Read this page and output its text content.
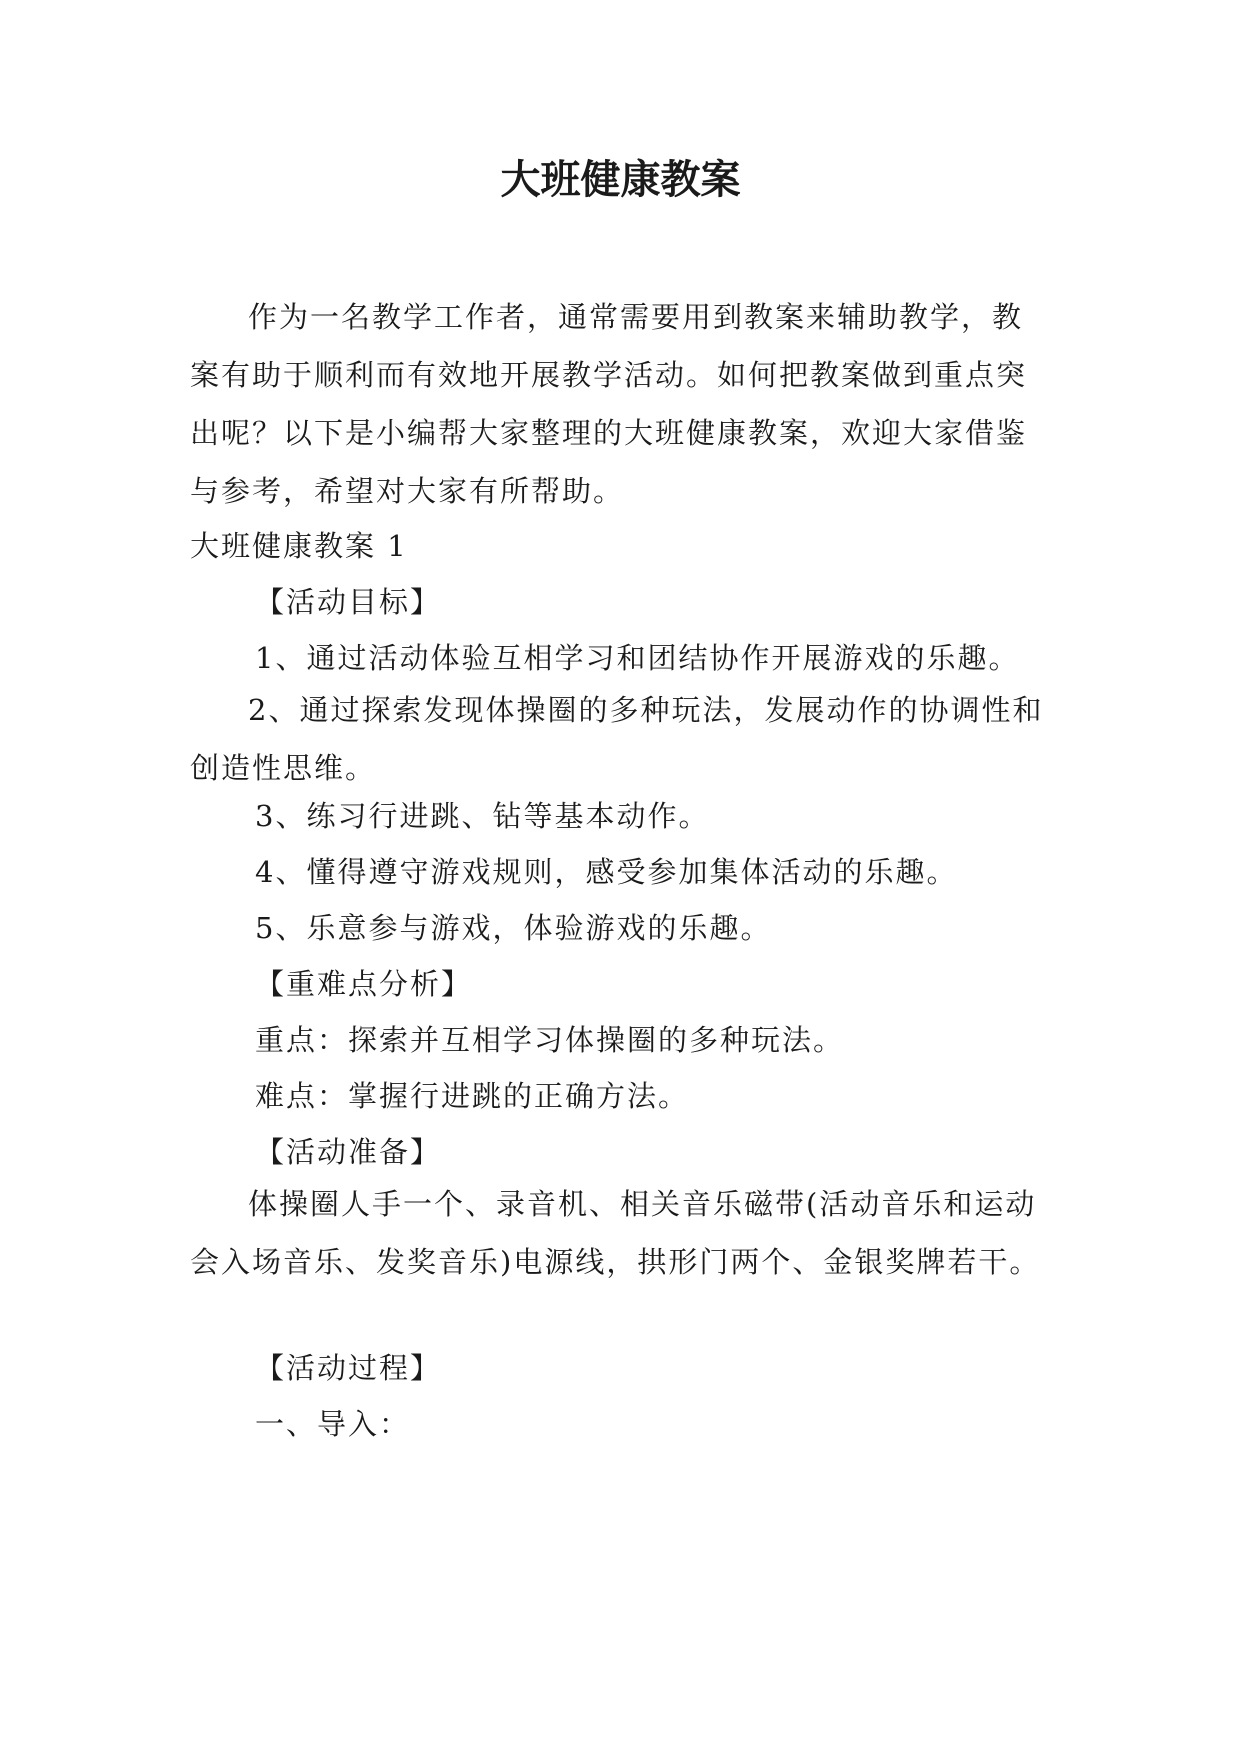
大班健康教案

作为一名教学工作者，通常需要用到教案来辅助教学，教案有助于顺利而有效地开展教学活动。如何把教案做到重点突出呢？以下是小编帮大家整理的大班健康教案，欢迎大家借鉴与参考，希望对大家有所帮助。

大班健康教案 1

【活动目标】

1、通过活动体验互相学习和团结协作开展游戏的乐趣。

2、通过探索发现体操圈的多种玩法，发展动作的协调性和创造性思维。

3、练习行进跳、钻等基本动作。

4、懂得遵守游戏规则，感受参加集体活动的乐趣。

5、乐意参与游戏，体验游戏的乐趣。

【重难点分析】

重点：探索并互相学习体操圈的多种玩法。

难点：掌握行进跳的正确方法。

【活动准备】

体操圈人手一个、录音机、相关音乐磁带(活动音乐和运动会入场音乐、发奖音乐)电源线，拱形门两个、金银奖牌若干。

【活动过程】

一、导入：
